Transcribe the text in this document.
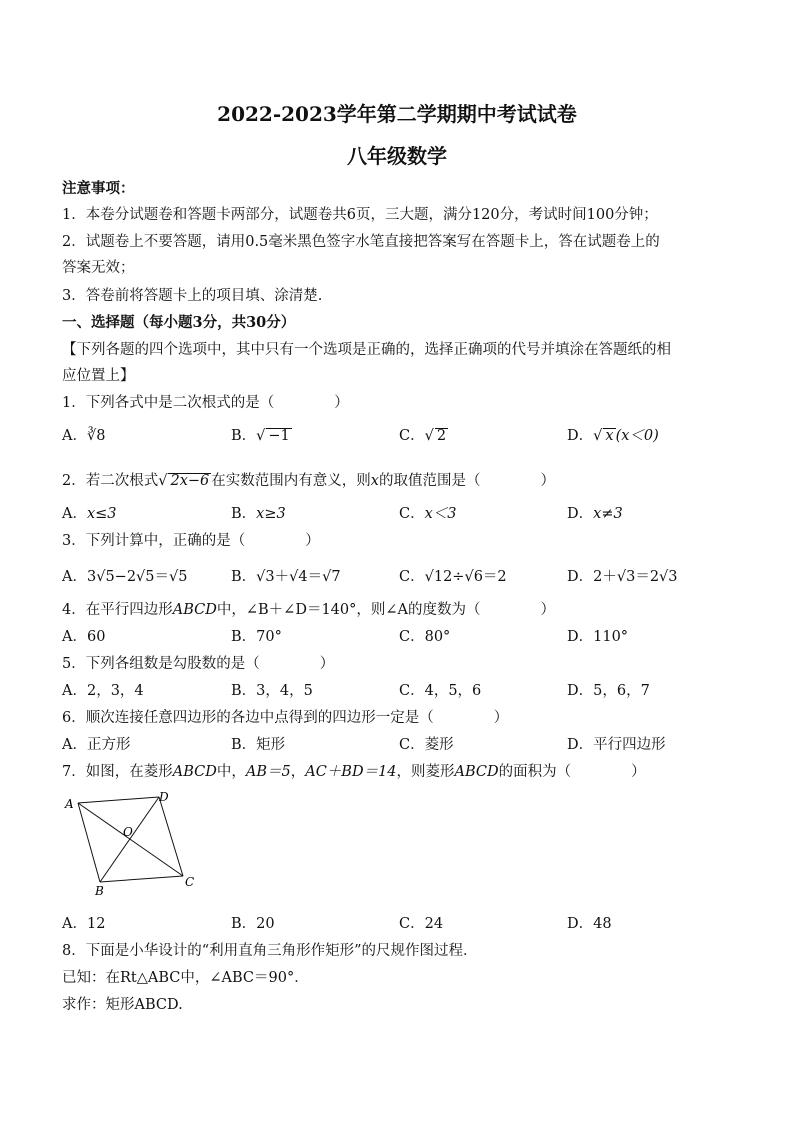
2022-2023学年第二学期期中考试试卷
八年级数学
注意事项：
1．本卷分试题卷和答题卡两部分，试题卷共6页，三大题，满分120分，考试时间100分钟；
2．试题卷上不要答题，请用0.5毫米黑色签字水笔直接把答案写在答题卡上，答在试题卷上的
答案无效；
3．答卷前将答题卡上的项目填、涂清楚.
一、选择题（每小题3分，共30分）
【下列各题的四个选项中，其中只有一个选项是正确的，选择正确项的代号并填涂在答题纸的相
应位置上】
1．下列各式中是二次根式的是（	）
A．∛8	B．√ −1	C．√ 2	D．√ x (x＜0)
2．若二次根式√ 2x−6 在实数范围内有意义，则x的取值范围是（	）
A．x≤3	B．x≥3	C．x＜3	D．x≠3
3．下列计算中，正确的是（	）
A．3√5−2√5＝√5	B．√3＋√4＝√7	C．√12÷√6＝2	D．2＋√3＝2√3
4．在平行四边形ABCD中，∠B＋∠D＝140°，则∠A的度数为（	）
A．60	B．70°	C．80°	D．110°
5．下列各组数是勾股数的是（	）
A．2，3，4	B．3，4，5	C．4，5，6	D．5，6，7
6．顺次连接任意四边形的各边中点得到的四边形一定是（	）
A．正方形	B．矩形	C．菱形	D．平行四边形
7．如图，在菱形ABCD中，AB＝5，AC＋BD＝14，则菱形ABCD的面积为（	）
A	D
O
B
C
A．12	B．20	C．24	D．48
8．下面是小华设计的“利用直角三角形作矩形”的尺规作图过程．
已知：在Rt△ABC中，∠ABC＝90°．
求作：矩形ABCD.
